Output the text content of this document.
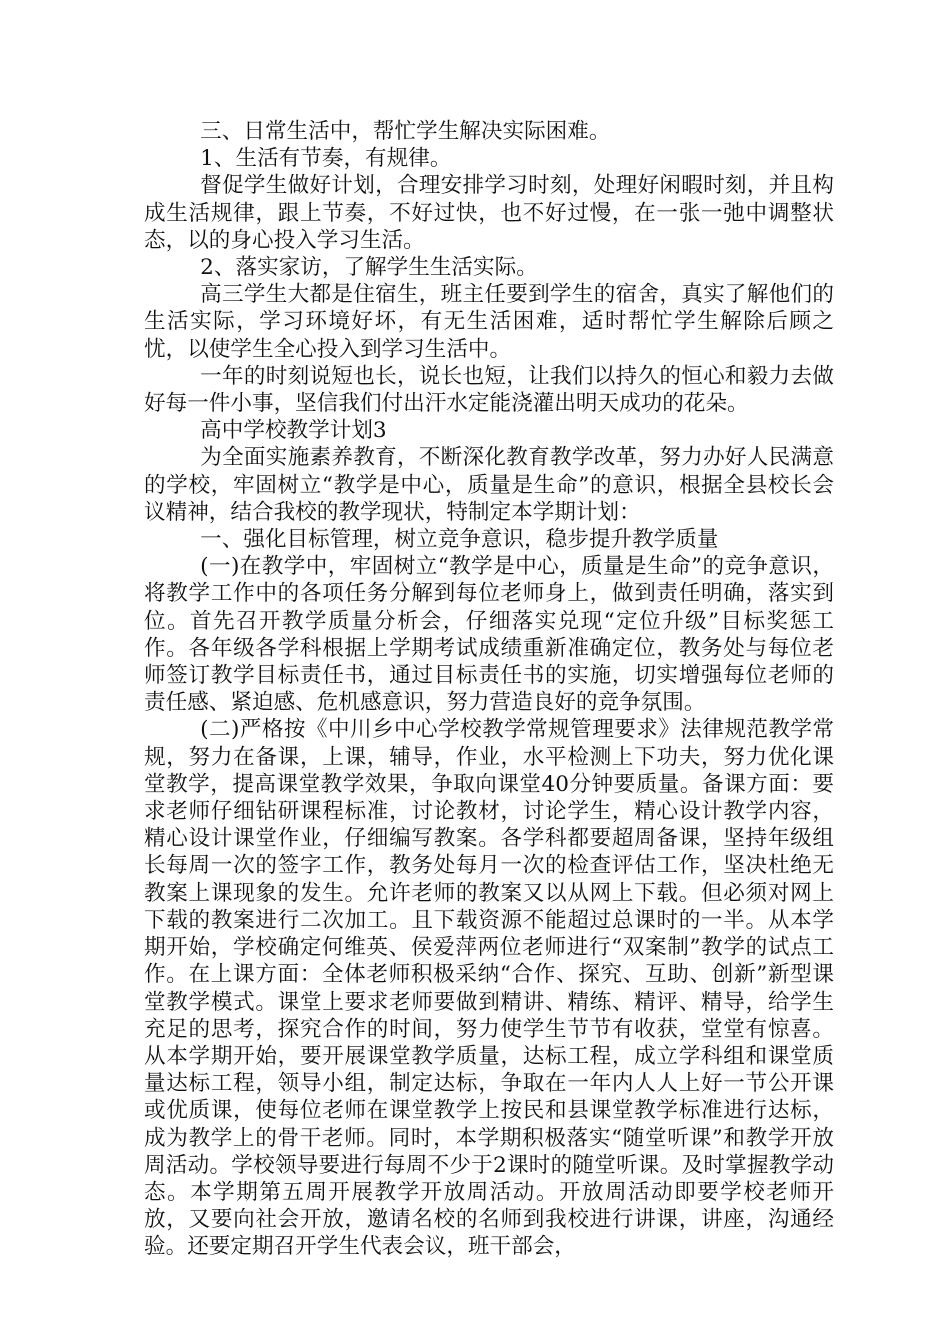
三、日常生活中，帮忙学生解决实际困难。

1、生活有节奏，有规律。

督促学生做好计划，合理安排学习时刻，处理好闲暇时刻，并且构成生活规律，跟上节奏，不好过快，也不好过慢，在一张一弛中调整状态，以的身心投入学习生活。

2、落实家访，了解学生生活实际。

高三学生大都是住宿生，班主任要到学生的宿舍，真实了解他们的生活实际，学习环境好坏，有无生活困难，适时帮忙学生解除后顾之忧，以使学生全心投入到学习生活中。

一年的时刻说短也长，说长也短，让我们以持久的恒心和毅力去做好每一件小事，坚信我们付出汗水定能浇灌出明天成功的花朵。

高中学校教学计划3

为全面实施素养教育，不断深化教育教学改革，努力办好人民满意的学校，牢固树立“教学是中心，质量是生命”的意识，根据全县校长会议精神，结合我校的教学现状，特制定本学期计划：

一、强化目标管理，树立竞争意识，稳步提升教学质量

(一)在教学中，牢固树立“教学是中心，质量是生命”的竞争意识，将教学工作中的各项任务分解到每位老师身上，做到责任明确，落实到位。首先召开教学质量分析会，仔细落实兑现“定位升级”目标奖惩工作。各年级各学科根据上学期考试成绩重新准确定位，教务处与每位老师签订教学目标责任书，通过目标责任书的实施，切实增强每位老师的责任感、紧迫感、危机感意识，努力营造良好的竞争氛围。

(二)严格按《中川乡中心学校教学常规管理要求》法律规范教学常规，努力在备课，上课，辅导，作业，水平检测上下功夫，努力优化课堂教学，提高课堂教学效果，争取向课堂40分钟要质量。备课方面：要求老师仔细钻研课程标准，讨论教材，讨论学生，精心设计教学内容，精心设计课堂作业，仔细编写教案。各学科都要超周备课，坚持年级组长每周一次的签字工作，教务处每月一次的检查评估工作，坚决杜绝无教案上课现象的发生。允许老师的教案又以从网上下载。但必须对网上下载的教案进行二次加工。且下载资源不能超过总课时的一半。从本学期开始，学校确定何维英、侯爱萍两位老师进行“双案制”教学的试点工作。在上课方面：全体老师积极采纳“合作、探究、互助、创新”新型课堂教学模式。课堂上要求老师要做到精讲、精练、精评、精导，给学生充足的思考，探究合作的时间，努力使学生节节有收获，堂堂有惊喜。从本学期开始，要开展课堂教学质量，达标工程，成立学科组和课堂质量达标工程，领导小组，制定达标，争取在一年内人人上好一节公开课或优质课，使每位老师在课堂教学上按民和县课堂教学标准进行达标，成为教学上的骨干老师。同时，本学期积极落实“随堂听课”和教学开放周活动。学校领导要进行每周不少于2课时的随堂听课。及时掌握教学动态。本学期第五周开展教学开放周活动。开放周活动即要学校老师开放，又要向社会开放，邀请名校的名师到我校进行讲课，讲座，沟通经验。还要定期召开学生代表会议，班干部会，
